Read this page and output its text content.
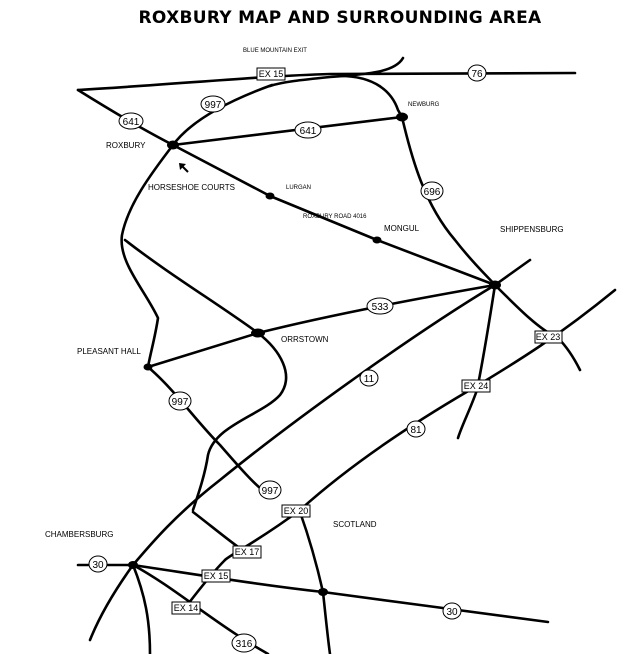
ROXBURY MAP AND SURROUNDING AREA
BLUE MOUNTAIN EXIT
NEWBURG
ROXBURY
HORSESHOE COURTS	LURGAN
ROXBURY ROAD 4016
MONGUL	SHIPPENSBURG
ORRSTOWN
PLEASANT HALL
SCOTLAND
CHAMBERSBURG
76
997
641
641
696
533
11
997
81
997
30
30
316
EX 15
EX 23
EX 24
EX 20
EX 17
EX 15
EX 14
